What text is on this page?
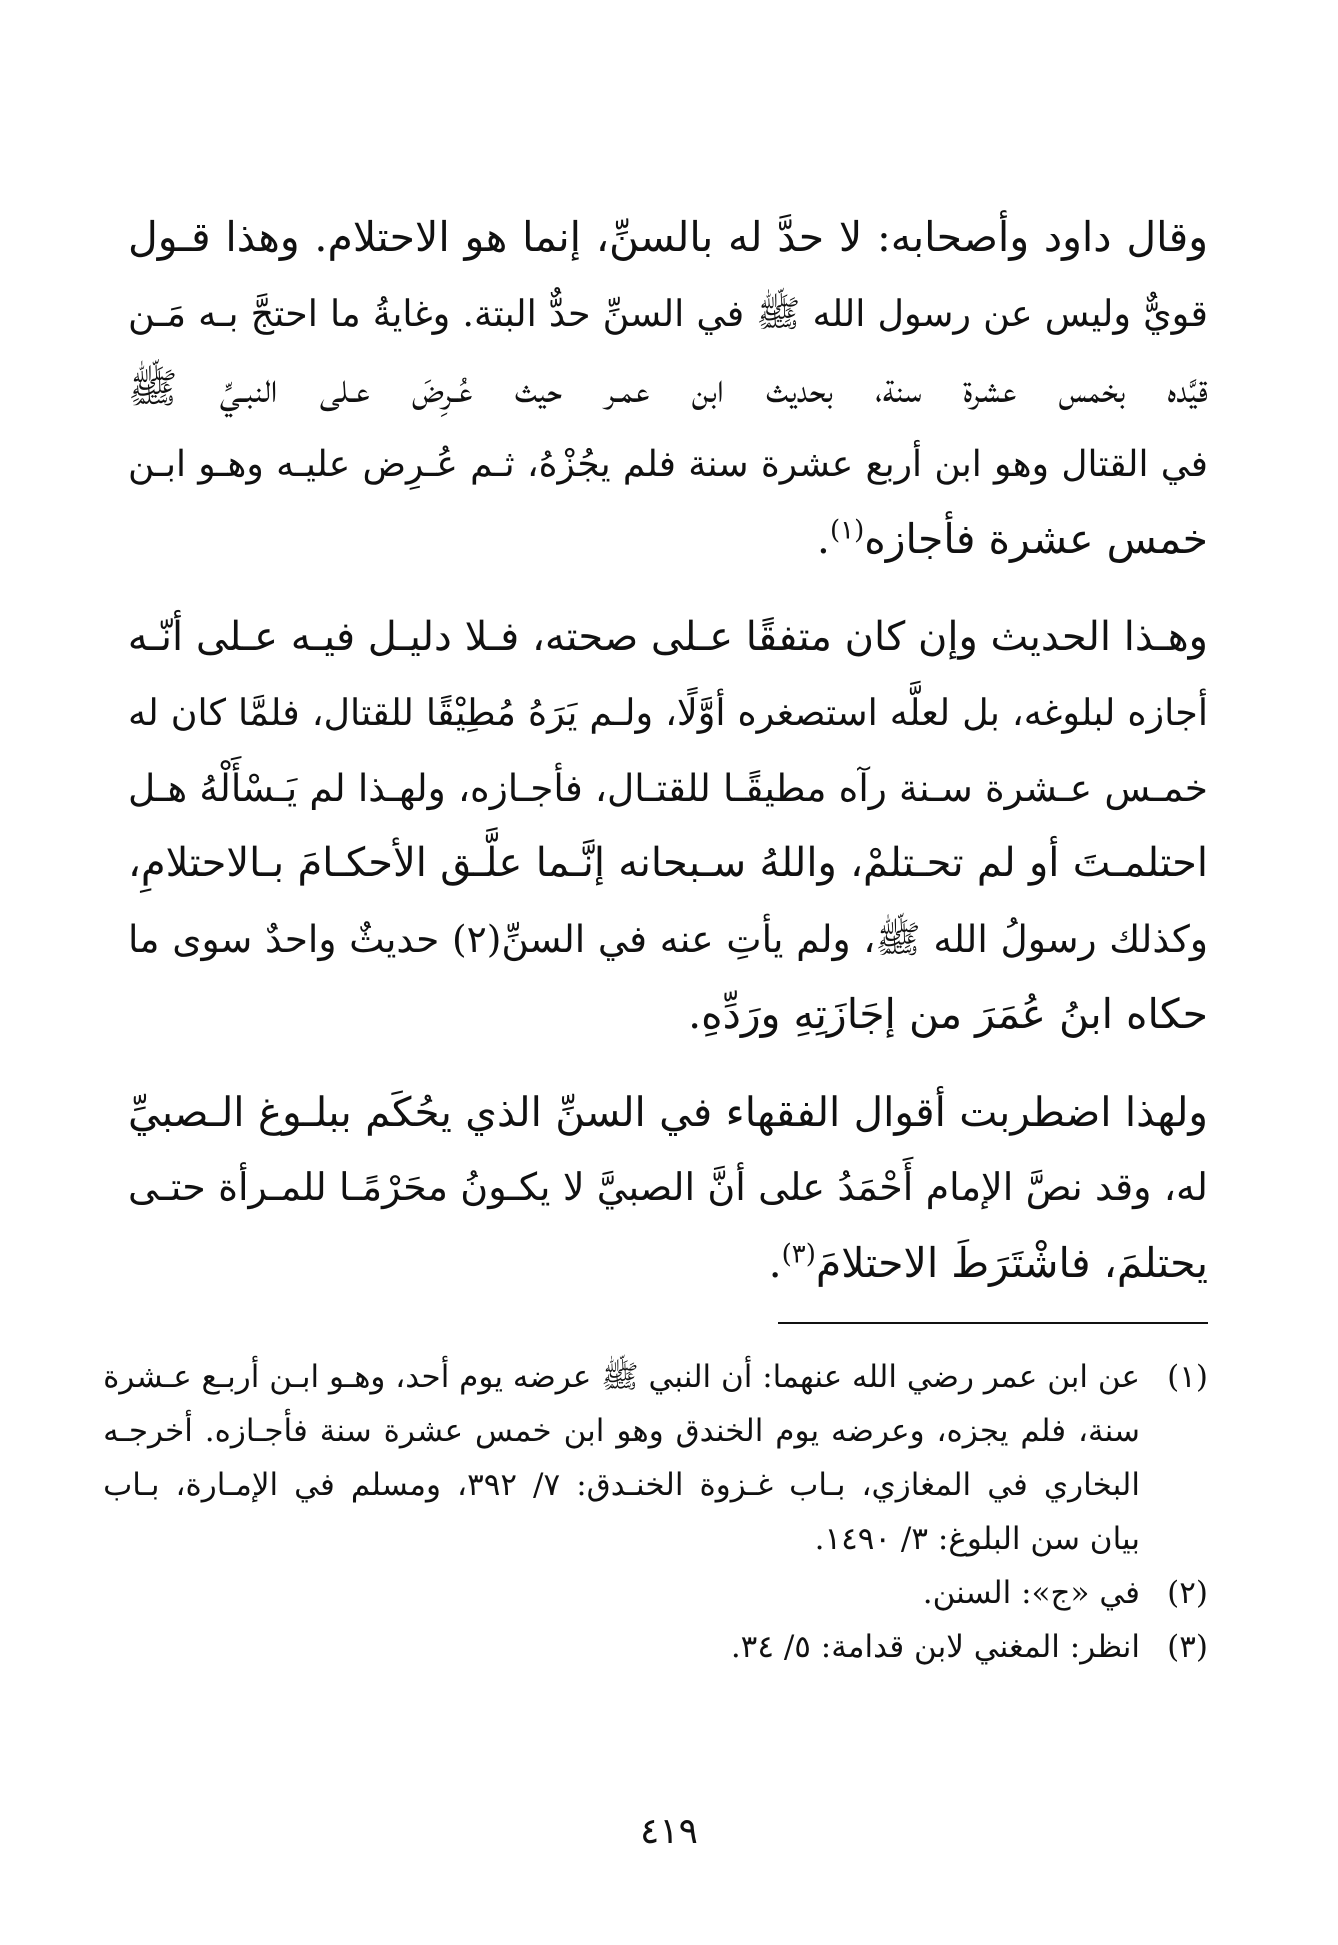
وقال داود وأصحابه: لا حدَّ له بالسنِّ، إنما هو الاحتلام. وهذا قـول
قويٌّ وليس عن رسول الله ﷺ في السنِّ حدٌّ البتة. وغايةُ ما احتجَّ بـه مَـن
قيَّده بخمس عشرة سنة، بحديث ابن عمـر حيث عُـرِضَ عـلى النبـيِّ ﷺ
في القتال وهو ابن أربع عشرة سنة فلم يجُزْهُ، ثـم عُـرِض عليـه وهـو ابـن
خمس عشرة فأجازه$^{(١)}$.

وهـذا الحديث وإن كان متفقًا عـلى صحته، فـلا دليـل فيـه عـلى أنّـه
أجازه لبلوغه، بل لعلَّه استصغره أوَّلًا، ولـم يَرَهُ مُطِيْقًا للقتال، فلمَّا كان له
خمـس عـشرة سـنة رآه مطيقًـا للقتـال، فأجـازه، ولهـذا لم يَـسْأَلْهُ هـل
احتلمـتَ أو لم تحـتلمْ، واللهُ سـبحانه إنَّـما علَّـق الأحكـامَ بـالاحتلامِ،
وكذلك رسولُ الله ﷺ، ولم يأتِ عنه في السنِّ(٢) حديثٌ واحدٌ سوى ما
حكاه ابنُ عُمَرَ من إجَازَتِهِ ورَدِّهِ.

ولهذا اضطربت أقوال الفقهاء في السنِّ الذي يحُكَم ببلـوغ الـصبيِّ
له، وقد نصَّ الإمام أَحْمَدُ على أنَّ الصبيَّ لا يكـونُ محَرْمًـا للمـرأة حتـى
يحتلمَ، فاشْتَرَطَ الاحتلامَ$^{(٣)}$.

(١)
عن ابن عمر رضي الله عنهما: أن النبي ﷺ عرضه يوم أحد، وهـو ابـن أربـع عـشرة
سنة، فلم يجزه، وعرضه يوم الخندق وهو ابن خمس عشرة سنة فأجـازه. أخرجـه
البخاري في المغازي، بـاب غـزوة الخنـدق: ٧/ ٣٩٢، ومسلم في الإمـارة، بـاب
بيان سن البلوغ: ٣/ ١٤٩٠.
(٢)
في «ج»: السنن.
(٣)
انظر: المغني لابن قدامة: ٥/ ٣٤.
٤١٩
